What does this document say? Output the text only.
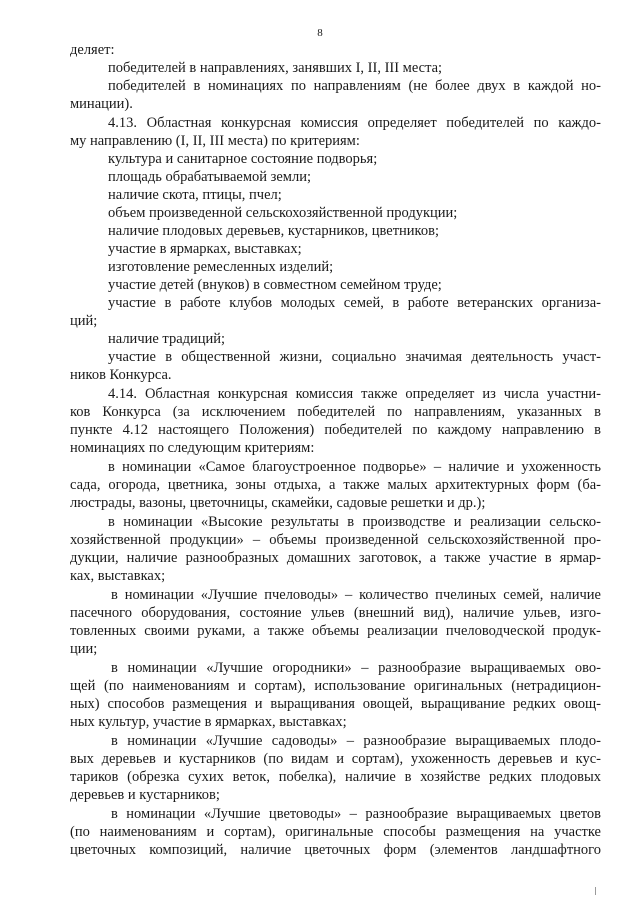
8
деляет:
победителей в направлениях, занявших I, II, III места;
победителей в номинациях по направлениям (не более двух в каждой но-
минации).
4.13. Областная конкурсная комиссия определяет победителей по каждо-
му направлению (I, II, III места) по критериям:
культура и санитарное состояние подворья;
площадь обрабатываемой земли;
наличие скота, птицы, пчел;
объем произведенной сельскохозяйственной продукции;
наличие плодовых деревьев, кустарников, цветников;
участие в ярмарках, выставках;
изготовление ремесленных изделий;
участие детей (внуков) в совместном семейном труде;
участие в работе клубов молодых семей, в работе ветеранских организа-
ций;
наличие традиций;
участие в общественной жизни, социально значимая деятельность участ-
ников Конкурса.
4.14. Областная конкурсная комиссия также определяет из числа участни-
ков Конкурса (за исключением победителей по направлениям, указанных в
пункте 4.12 настоящего Положения) победителей по каждому направлению в
номинациях по следующим критериям:
в номинации «Самое благоустроенное подворье» – наличие и ухоженность
сада, огорода, цветника, зоны отдыха, а также малых архитектурных форм (ба-
люстрады, вазоны, цветочницы, скамейки, садовые решетки и др.);
в номинации «Высокие результаты в производстве и реализации сельско-
хозяйственной продукции» – объемы произведенной сельскохозяйственной про-
дукции, наличие разнообразных домашних заготовок, а также участие в ярмар-
ках, выставках;
в номинации «Лучшие пчеловоды» – количество пчелиных семей, наличие
пасечного оборудования, состояние ульев (внешний вид), наличие ульев, изго-
товленных своими руками, а также объемы реализации пчеловодческой продук-
ции;
в номинации «Лучшие огородники» – разнообразие выращиваемых ово-
щей (по наименованиям и сортам), использование оригинальных (нетрадицион-
ных) способов размещения и выращивания овощей, выращивание редких овощ-
ных культур, участие в ярмарках, выставках;
в номинации «Лучшие садоводы» – разнообразие выращиваемых плодо-
вых деревьев и кустарников (по видам и сортам), ухоженность деревьев и кус-
тариков (обрезка сухих веток, побелка), наличие в хозяйстве редких плодовых
деревьев и кустарников;
в номинации «Лучшие цветоводы» – разнообразие выращиваемых цветов
(по наименованиям и сортам), оригинальные способы размещения на участке
цветочных композиций, наличие цветочных форм (элементов ландшафтного
